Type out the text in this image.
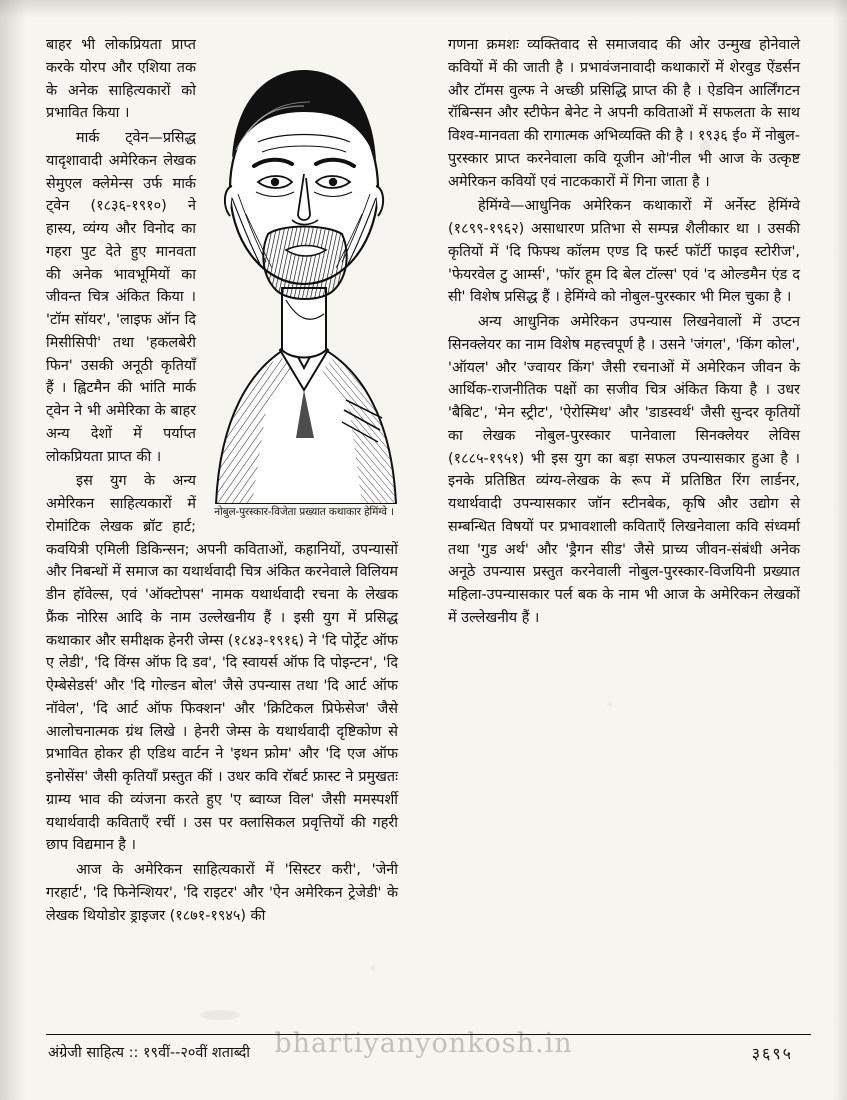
नोबुल-पुरस्कार-विजेता प्रख्यात कथाकार हेमिंग्वे ।

बाहर भी लोकप्रियता प्राप्त करके योरप और एशिया तक के अनेक साहित्यकारों को प्रभावित किया ।

मार्क ट्वेन—प्रसिद्ध यादृशावादी अमेरिकन लेखक सेमुएल क्लेमेन्स उर्फ मार्क ट्वेन (१८३६-१९१०) ने हास्य, व्यंग्य और विनोद का गहरा पुट देते हुए मानवता की अनेक भावभूमियों का जीवन्त चित्र अंकित किया । 'टॉम सॉयर', 'लाइफ ऑन दि मिसीसिपी' तथा 'हकलबेरी फिन' उसकी अनूठी कृतियाँ हैं । ह्विटमैन की भांति मार्क ट्वेन ने भी अमेरिका के बाहर अन्य देशों में पर्याप्त लोकप्रियता प्राप्त की ।

इस युग के अन्य अमेरिकन साहित्यकारों में रोमांटिक लेखक ब्रॉट हार्ट; कवयित्री एमिली डिकिन्सन; अपनी कविताओं, कहानियों, उपन्यासों और निबन्धों में समाज का यथार्थवादी चित्र अंकित करनेवाले विलियम डीन हॉवेल्स, एवं 'ऑक्टोपस' नामक यथार्थवादी रचना के लेखक फ्रैंक नोरिस आदि के नाम उल्लेखनीय हैं । इसी युग में प्रसिद्ध कथाकार और समीक्षक हेनरी जेम्स (१८४३-१९१६) ने 'दि पोर्ट्रेट ऑफ ए लेडी', 'दि विंग्स ऑफ दि डव', 'दि स्वायर्स ऑफ दि पोइन्टन', 'दि ऐम्बेसेडर्स' और 'दि गोल्डन बोल' जैसे उपन्यास तथा 'दि आर्ट ऑफ नॉवेल', 'दि आर्ट ऑफ फिक्शन' और 'क्रिटिकल प्रिफेसेज' जैसे आलोचनात्मक ग्रंथ लिखे । हेनरी जेम्स के यथार्थवादी दृष्टिकोण से प्रभावित होकर ही एडिथ वार्टन ने 'इथन फ्रोम' और 'दि एज ऑफ इनोसेंस' जैसी कृतियाँ प्रस्तुत कीं । उधर कवि रॉबर्ट फ्रास्ट ने प्रमुखतः ग्राम्य भाव की व्यंजना करते हुए 'ए ब्वाय्ज विल' जैसी ममस्पर्शी यथार्थवादी कविताएँ रचीं । उस पर क्लासिकल प्रवृत्तियों की गहरी छाप विद्यमान है ।

आज के अमेरिकन साहित्यकारों में 'सिस्टर करी', 'जेनी गरहार्ट', 'दि फिनेन्शियर', 'दि राइटर' और 'ऐन अमेरिकन ट्रेजेडी' के लेखक थियोडोर ड्राइजर (१८७१-१९४५) की

गणना क्रमशः व्यक्तिवाद से समाजवाद की ओर उन्मुख होनेवाले कवियों में की जाती है । प्रभावंजनावादी कथाकारों में शेरवुड ऐंडर्सन और टॉमस वुल्फ ने अच्छी प्रसिद्धि प्राप्त की है । ऐडविन आर्लिंगटन रॉबिन्सन और स्टीफेन बेनेट ने अपनी कविताओं में सफलता के साथ विश्व-मानवता की रागात्मक अभिव्यक्ति की है । १९३६ ई० में नोबुल-पुरस्कार प्राप्त करनेवाला कवि यूजीन ओ'नील भी आज के उत्कृष्ट अमेरिकन कवियों एवं नाटककारों में गिना जाता है ।

हेमिंग्वे—आधुनिक अमेरिकन कथाकारों में अर्नेस्ट हेमिंग्वे (१८९९-१९६२) असाधारण प्रतिभा से सम्पन्न शैलीकार था । उसकी कृतियों में 'दि फिफ्थ कॉलम एण्ड दि फर्स्ट फॉर्टी फाइव स्टोरीज', 'फेयरवेल टु आर्म्स', 'फॉर हूम दि बेल टॉल्स' एवं 'द ओल्डमैन एंड द सी' विशेष प्रसिद्ध हैं । हेमिंग्वे को नोबुल-पुरस्कार भी मिल चुका है ।

अन्य आधुनिक अमेरिकन उपन्यास लिखनेवालों में उप्टन सिनक्लेयर का नाम विशेष महत्त्वपूर्ण है । उसने 'जंगल', 'किंग कोल', 'ऑयल' और 'ज्वायर किंग' जैसी रचनाओं में अमेरिकन जीवन के आर्थिक-राजनीतिक पक्षों का सजीव चित्र अंकित किया है । उधर 'बैबिट', 'मेन स्ट्रीट', 'ऐरोस्मिथ' और 'डाडस्वर्थ' जैसी सुन्दर कृतियों का लेखक नोबुल-पुरस्कार पानेवाला सिनक्लेयर लेविस (१८८५-१९५१) भी इस युग का बड़ा सफल उपन्यासकार हुआ है । इनके प्रतिष्ठित व्यंग्य-लेखक के रूप में प्रतिष्ठित रिंग लार्डनर, यथार्थवादी उपन्यासकार जॉन स्टीनबेक, कृषि और उद्योग से सम्बन्धित विषयों पर प्रभावशाली कविताएँ लिखनेवाला कवि संध्वर्मा तथा 'गुड अर्थ' और 'ड्रैगन सीड' जैसे प्राच्य जीवन-संबंधी अनेक अनूठे उपन्यास प्रस्तुत करनेवाली नोबुल-पुरस्कार-विजयिनी प्रख्यात महिला-उपन्यासकार पर्ल बक के नाम भी आज के अमेरिकन लेखकों में उल्लेखनीय हैं ।

bhartiyanyonkosh.in
अंग्रेजी साहित्य :: १९वीं--२०वीं शताब्दी	३६९५
